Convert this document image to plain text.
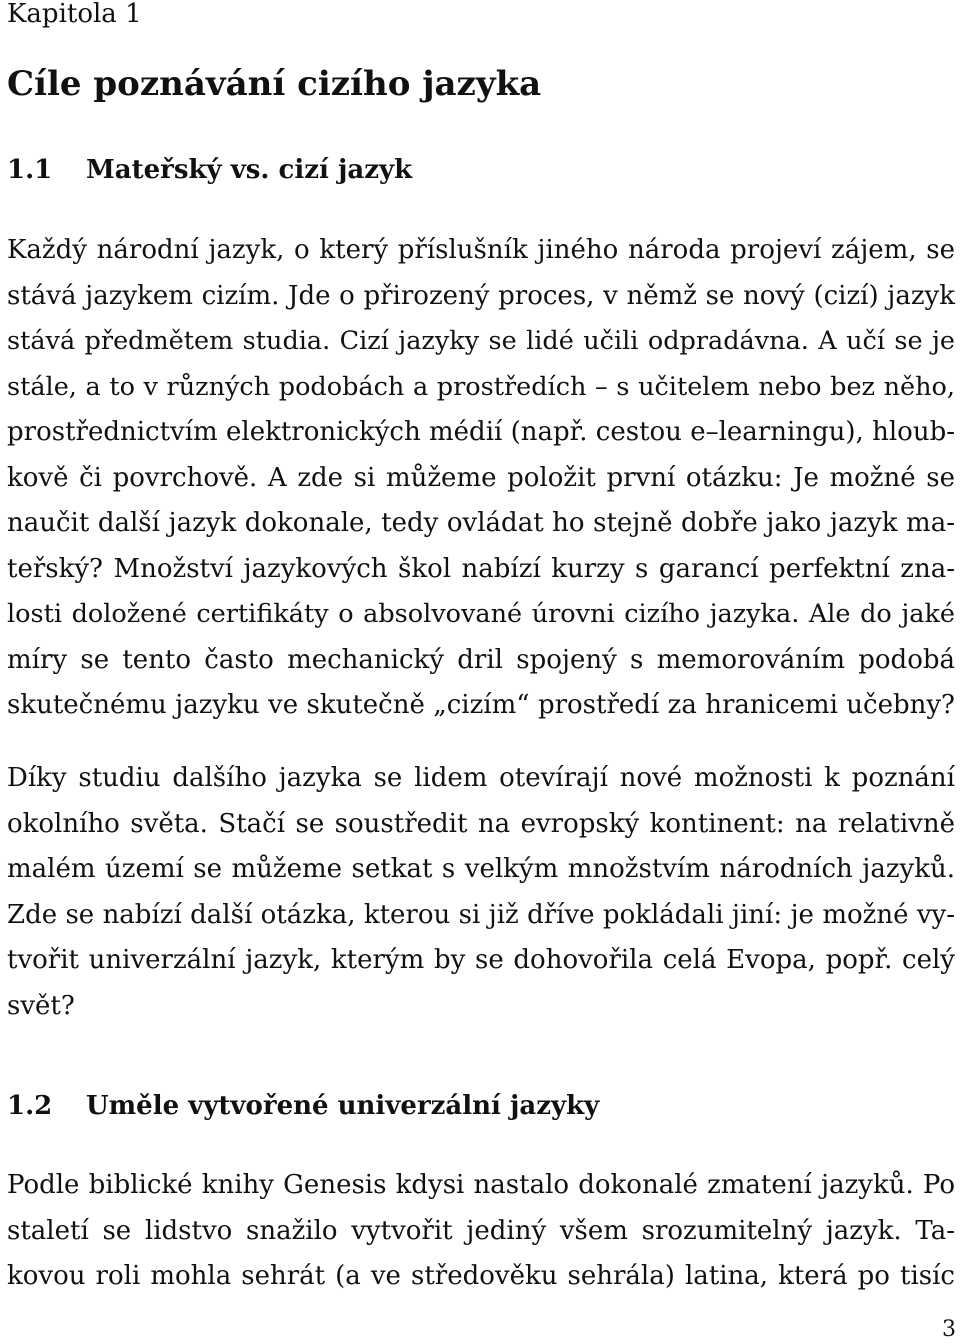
Kapitola 1
Cíle poznávání cizího jazyka
1.1 Mateřský vs. cizí jazyk
Každý národní jazyk, o který příslušník jiného národa projeví zájem, se
stává jazykem cizím. Jde o přirozený proces, v němž se nový (cizí) jazyk
stává předmětem studia. Cizí jazyky se lidé učili odpradávna. A učí se je
stále, a to v různých podobách a prostředích – s učitelem nebo bez něho,
prostřednictvím elektronických médií (např. cestou e–learningu), hloub-
kově či povrchově. A zde si můžeme položit první otázku: Je možné se
naučit další jazyk dokonale, tedy ovládat ho stejně dobře jako jazyk ma-
teřský? Množství jazykových škol nabízí kurzy s garancí perfektní zna-
losti doložené certifikáty o absolvované úrovni cizího jazyka. Ale do jaké
míry se tento často mechanický dril spojený s memorováním podobá
skutečnému jazyku ve skutečně „cizím“ prostředí za hranicemi učebny?
Díky studiu dalšího jazyka se lidem otevírají nové možnosti k poznání
okolního světa. Stačí se soustředit na evropský kontinent: na relativně
malém území se můžeme setkat s velkým množstvím národních jazyků.
Zde se nabízí další otázka, kterou si již dříve pokládali jiní: je možné vy-
tvořit univerzální jazyk, kterým by se dohovořila celá Evopa, popř. celý
svět?
1.2 Uměle vytvořené univerzální jazyky
Podle biblické knihy Genesis kdysi nastalo dokonalé zmatení jazyků. Po
staletí se lidstvo snažilo vytvořit jediný všem srozumitelný jazyk. Ta-
kovou roli mohla sehrát (a ve středověku sehrála) latina, která po tisíc

3
